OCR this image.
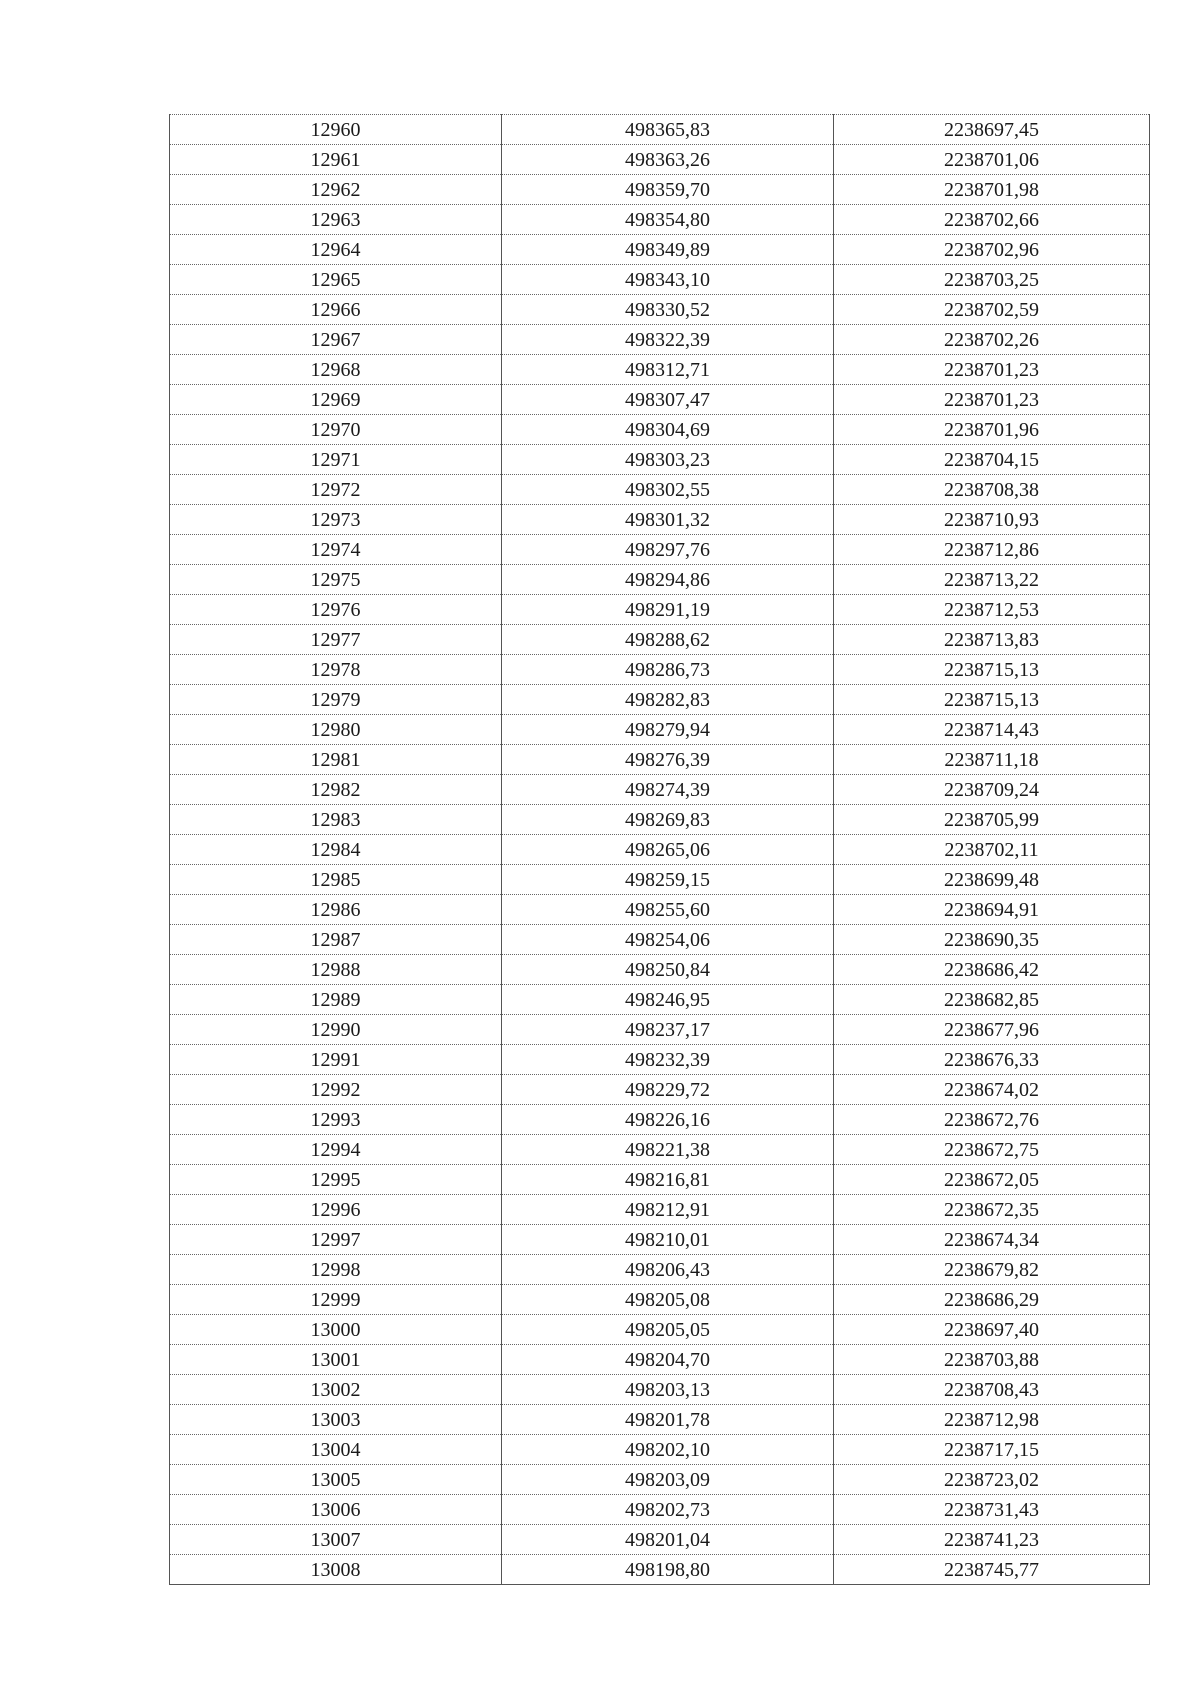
12960	498365,83	2238697,45
12961	498363,26	2238701,06
12962	498359,70	2238701,98
12963	498354,80	2238702,66
12964	498349,89	2238702,96
12965	498343,10	2238703,25
12966	498330,52	2238702,59
12967	498322,39	2238702,26
12968	498312,71	2238701,23
12969	498307,47	2238701,23
12970	498304,69	2238701,96
12971	498303,23	2238704,15
12972	498302,55	2238708,38
12973	498301,32	2238710,93
12974	498297,76	2238712,86
12975	498294,86	2238713,22
12976	498291,19	2238712,53
12977	498288,62	2238713,83
12978	498286,73	2238715,13
12979	498282,83	2238715,13
12980	498279,94	2238714,43
12981	498276,39	2238711,18
12982	498274,39	2238709,24
12983	498269,83	2238705,99
12984	498265,06	2238702,11
12985	498259,15	2238699,48
12986	498255,60	2238694,91
12987	498254,06	2238690,35
12988	498250,84	2238686,42
12989	498246,95	2238682,85
12990	498237,17	2238677,96
12991	498232,39	2238676,33
12992	498229,72	2238674,02
12993	498226,16	2238672,76
12994	498221,38	2238672,75
12995	498216,81	2238672,05
12996	498212,91	2238672,35
12997	498210,01	2238674,34
12998	498206,43	2238679,82
12999	498205,08	2238686,29
13000	498205,05	2238697,40
13001	498204,70	2238703,88
13002	498203,13	2238708,43
13003	498201,78	2238712,98
13004	498202,10	2238717,15
13005	498203,09	2238723,02
13006	498202,73	2238731,43
13007	498201,04	2238741,23
13008	498198,80	2238745,77
